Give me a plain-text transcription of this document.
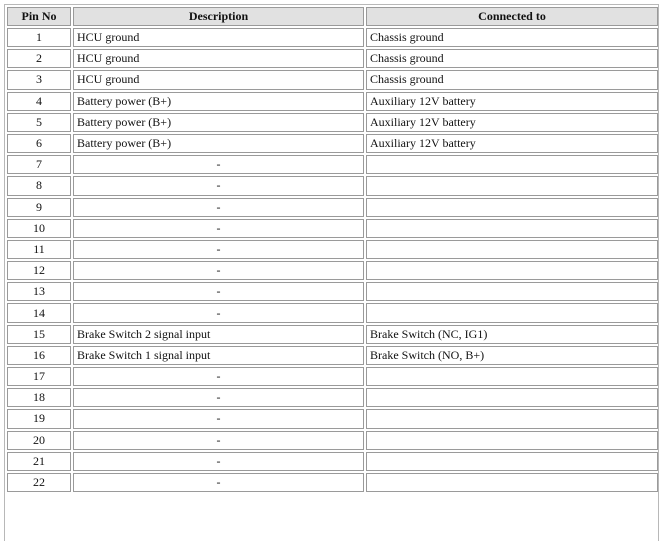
Pin No	Description	Connected to
1	HCU ground	Chassis ground
2	HCU ground	Chassis ground
3	HCU ground	Chassis ground
4	Battery power (B+)	Auxiliary 12V battery
5	Battery power (B+)	Auxiliary 12V battery
6	Battery power (B+)	Auxiliary 12V battery
7	-	
8	-	
9	-	
10	-	
11	-	
12	-	
13	-	
14	-	
15	Brake Switch 2 signal input	Brake Switch (NC, IG1)
16	Brake Switch 1 signal input	Brake Switch (NO, B+)
17	-	
18	-	
19	-	
20	-	
21	-	
22	-	
